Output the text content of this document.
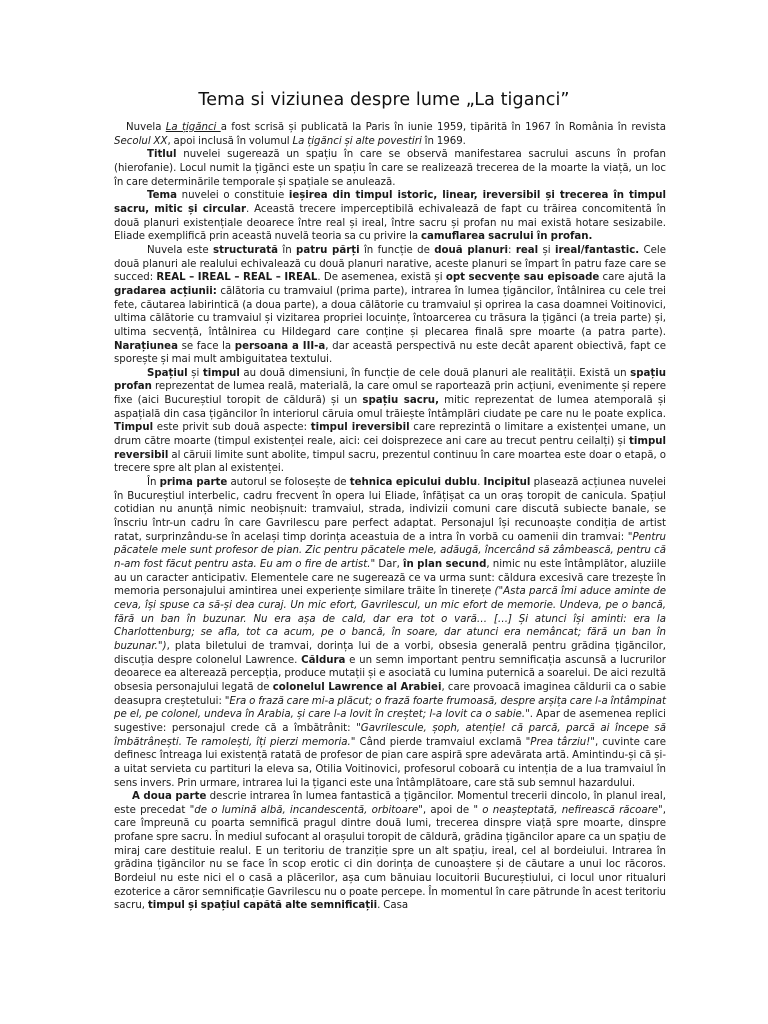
Tema si viziunea despre lume „La tiganci”

Nuvela La țigănci a fost scrisă și publicată la Paris în iunie 1959, tipărită în 1967 în România în revista Secolul XX, apoi inclusă în volumul La țigănci și alte povestiri în 1969.

Titlul nuvelei sugerează un spațiu în care se observă manifestarea sacrului ascuns în profan (hierofanie). Locul numit la țigănci este un spațiu în care se realizează trecerea de la moarte la viață, un loc în care determinările temporale și spațiale se anulează.

Tema nuvelei o constituie ieșirea din timpul istoric, linear, ireversibil și trecerea în timpul sacru, mitic și circular. Această trecere imperceptibilă echivalează de fapt cu trăirea concomitentă în două planuri existențiale deoarece între real și ireal, între sacru și profan nu mai există hotare sesizabile. Eliade exemplifică prin această nuvelă teoria sa cu privire la camuflarea sacrului în profan.

Nuvela este structurată în patru părți în funcție de două planuri: real și ireal/fantastic. Cele două planuri ale realului echivalează cu două planuri narative, aceste planuri se împart în patru faze care se succed: REAL – IREAL – REAL – IREAL. De asemenea, există și opt secvențe sau episoade care ajută la gradarea acțiunii: călătoria cu tramvaiul (prima parte), intrarea în lumea țigăncilor, întâlnirea cu cele trei fete, căutarea labirintică (a doua parte), a doua călătorie cu tramvaiul și oprirea la casa doamnei Voitinovici, ultima călătorie cu tramvaiul și vizitarea propriei locuințe, întoarcerea cu trăsura la țigănci (a treia parte) și, ultima secvență, întâlnirea cu Hildegard care conține și plecarea finală spre moarte (a patra parte). Narațiunea se face la persoana a III-a, dar această perspectivă nu este decât aparent obiectivă, fapt ce sporește și mai mult ambiguitatea textului.

Spațiul și timpul au două dimensiuni, în funcție de cele două planuri ale realității. Există un spațiu profan reprezentat de lumea reală, materială, la care omul se raportează prin acțiuni, evenimente și repere fixe (aici Bucureștiul toropit de căldură) și un spațiu sacru, mitic reprezentat de lumea atemporală și aspațială din casa țigăncilor în interiorul căruia omul trăiește întâmplări ciudate pe care nu le poate explica. Timpul este privit sub două aspecte: timpul ireversibil care reprezintă o limitare a existenței umane, un drum către moarte (timpul existenței reale, aici: cei doisprezece ani care au trecut pentru ceilalți) și timpul reversibil al căruii limite sunt abolite, timpul sacru, prezentul continuu în care moartea este doar o etapă, o trecere spre alt plan al existenței.

În prima parte autorul se folosește de tehnica epicului dublu. Incipitul plasează acțiunea nuvelei în Bucureștiul interbelic, cadru frecvent în opera lui Eliade, înfățișat ca un oraș toropit de canicula. Spațiul cotidian nu anunță nimic neobișnuit: tramvaiul, strada, indivizii comuni care discută subiecte banale, se înscriu într-un cadru în care Gavrilescu pare perfect adaptat. Personajul își recunoaște condiția de artist ratat, surprinzându-se în același timp dorința aceastuia de a intra în vorbă cu oamenii din tramvai: "Pentru păcatele mele sunt profesor de pian. Zic pentru păcatele mele, adăugă, încercând să zâmbească, pentru că n-am fost făcut pentru asta. Eu am o fire de artist." Dar, în plan secund, nimic nu este întâmplător, aluziile au un caracter anticipativ. Elementele care ne sugerează ce va urma sunt: căldura excesivă care trezește în memoria personajului amintirea unei experiențe similare trăite în tinerețe ("Asta parcă îmi aduce aminte de ceva, își spuse ca să-și dea curaj. Un mic efort, Gavrilescul, un mic efort de memorie. Undeva, pe o bancă, fără un ban în buzunar. Nu era așa de cald, dar era tot o vară… […] Și atunci își aminti: era la Charlottenburg; se afla, tot ca acum, pe o bancă, în soare, dar atunci era nemâncat; fără un ban în buzunar."), plata biletului de tramvai, dorința lui de a vorbi, obsesia generală pentru grădina țigăncilor, discuția despre colonelul Lawrence. Căldura e un semn important pentru semnificația ascunsă a lucrurilor deoarece ea alterează percepția, produce mutații și e asociată cu lumina puternică a soarelui. De aici rezultă obsesia personajului legată de colonelul Lawrence al Arabiei, care provoacă imaginea căldurii ca o sabie deasupra creștetului: "Era o frază care mi-a plăcut; o frază foarte frumoasă, despre arșița care l-a întâmpinat pe el, pe colonel, undeva în Arabia, și care l-a lovit în creștet; l-a lovit ca o sabie.". Apar de asemenea replici sugestive: personajul crede că a îmbătrânit: "Gavrilescule, șoph, atenție! că parcă, parcă ai începe să îmbătrânești. Te ramolești, îți pierzi memoria." Când pierde tramvaiul exclamă "Prea târziu!", cuvinte care definesc întreaga lui existență ratată de profesor de pian care aspiră spre adevărata artă. Amintindu-și că și-a uitat servieta cu partituri la eleva sa, Otilia Voitinovici, profesorul coboară cu intenția de a lua tramvaiul în sens invers. Prin urmare, intrarea lui la țiganci este una întâmplătoare, care stă sub semnul hazardului.

A doua parte descrie intrarea în lumea fantastică a țigăncilor. Momentul trecerii dincolo, în planul ireal, este precedat "de o lumină albă, incandescentă, orbitoare", apoi de " o neașteptată, nefirească răcoare", care împreună cu poarta semnifică pragul dintre două lumi, trecerea dinspre viață spre moarte, dinspre profane spre sacru. În mediul sufocant al orașului toropit de căldură, grădina țigăncilor apare ca un spațiu de miraj care destituie realul. E un teritoriu de tranziție spre un alt spațiu, ireal, cel al bordeiului. Intrarea în grădina țigăncilor nu se face în scop erotic ci din dorința de cunoaștere și de căutare a unui loc răcoros. Bordeiul nu este nici el o casă a plăcerilor, așa cum bănuiau locuitorii Bucureștiului, ci locul unor ritualuri ezoterice a căror semnificație Gavrilescu nu o poate percepe. În momentul în care pătrunde în acest teritoriu sacru, timpul și spațiul capătă alte semnificații. Casa
